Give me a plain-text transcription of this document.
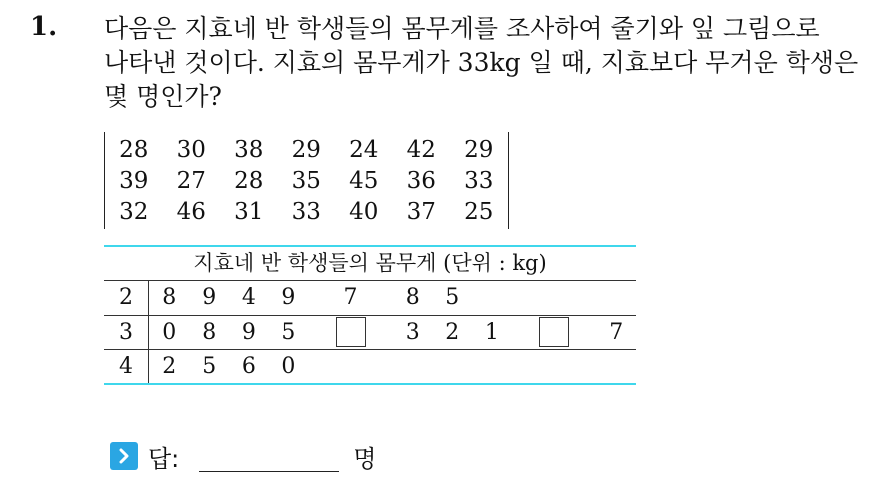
1. 다음은 지효네 반 학생들의 몸무게를 조사하여 줄기와 잎 그림으로
나타낸 것이다. 지효의 몸무게가 33kg 일 때, 지효보다 무거운 학생은
몇 명인가?
28	30	38	29	24	42	29
39	27	28	35	45	36	33
32	46	31	33	40	37	25
지효네 반 학생들의 몸무게 (단위 : kg)
2	8	9	4	9	7	8	5			
3	0	8	9	5		3	2	1		7
4	2	5	6	0						
답:	명
